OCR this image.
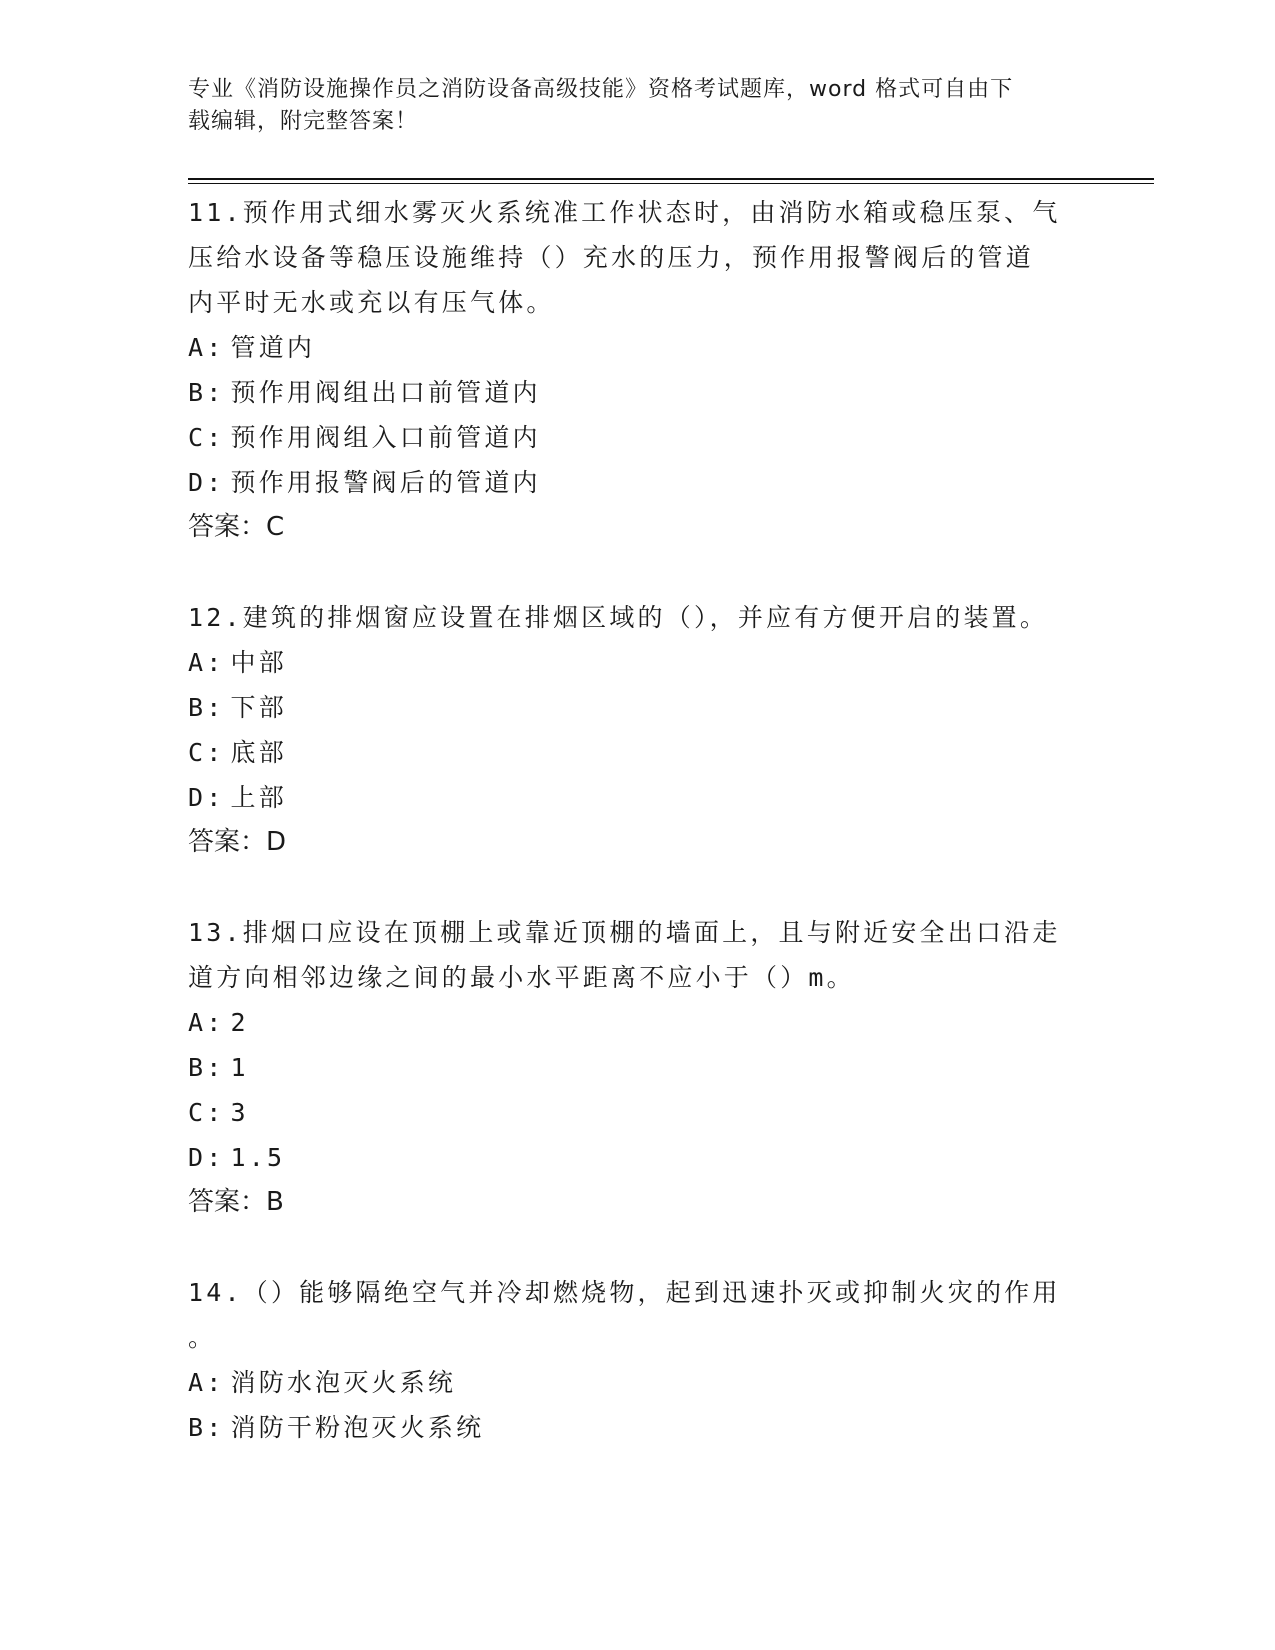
专业《消防设施操作员之消防设备高级技能》资格考试题库，word 格式可自由下
载编辑，附完整答案！
11.预作用式细水雾灭火系统准工作状态时，由消防水箱或稳压泵、气
压给水设备等稳压设施维持（）充水的压力，预作用报警阀后的管道
内平时无水或充以有压气体。
A: 管道内
B: 预作用阀组出口前管道内
C: 预作用阀组入口前管道内
D: 预作用报警阀后的管道内
答案：C
12.建筑的排烟窗应设置在排烟区域的（），并应有方便开启的装置。
A: 中部
B: 下部
C: 底部
D: 上部
答案：D
13.排烟口应设在顶棚上或靠近顶棚的墙面上，且与附近安全出口沿走
道方向相邻边缘之间的最小水平距离不应小于（）m。
A: 2
B: 1
C: 3
D: 1.5
答案：B
14.（）能够隔绝空气并冷却燃烧物，起到迅速扑灭或抑制火灾的作用
。
A: 消防水泡灭火系统
B: 消防干粉泡灭火系统
